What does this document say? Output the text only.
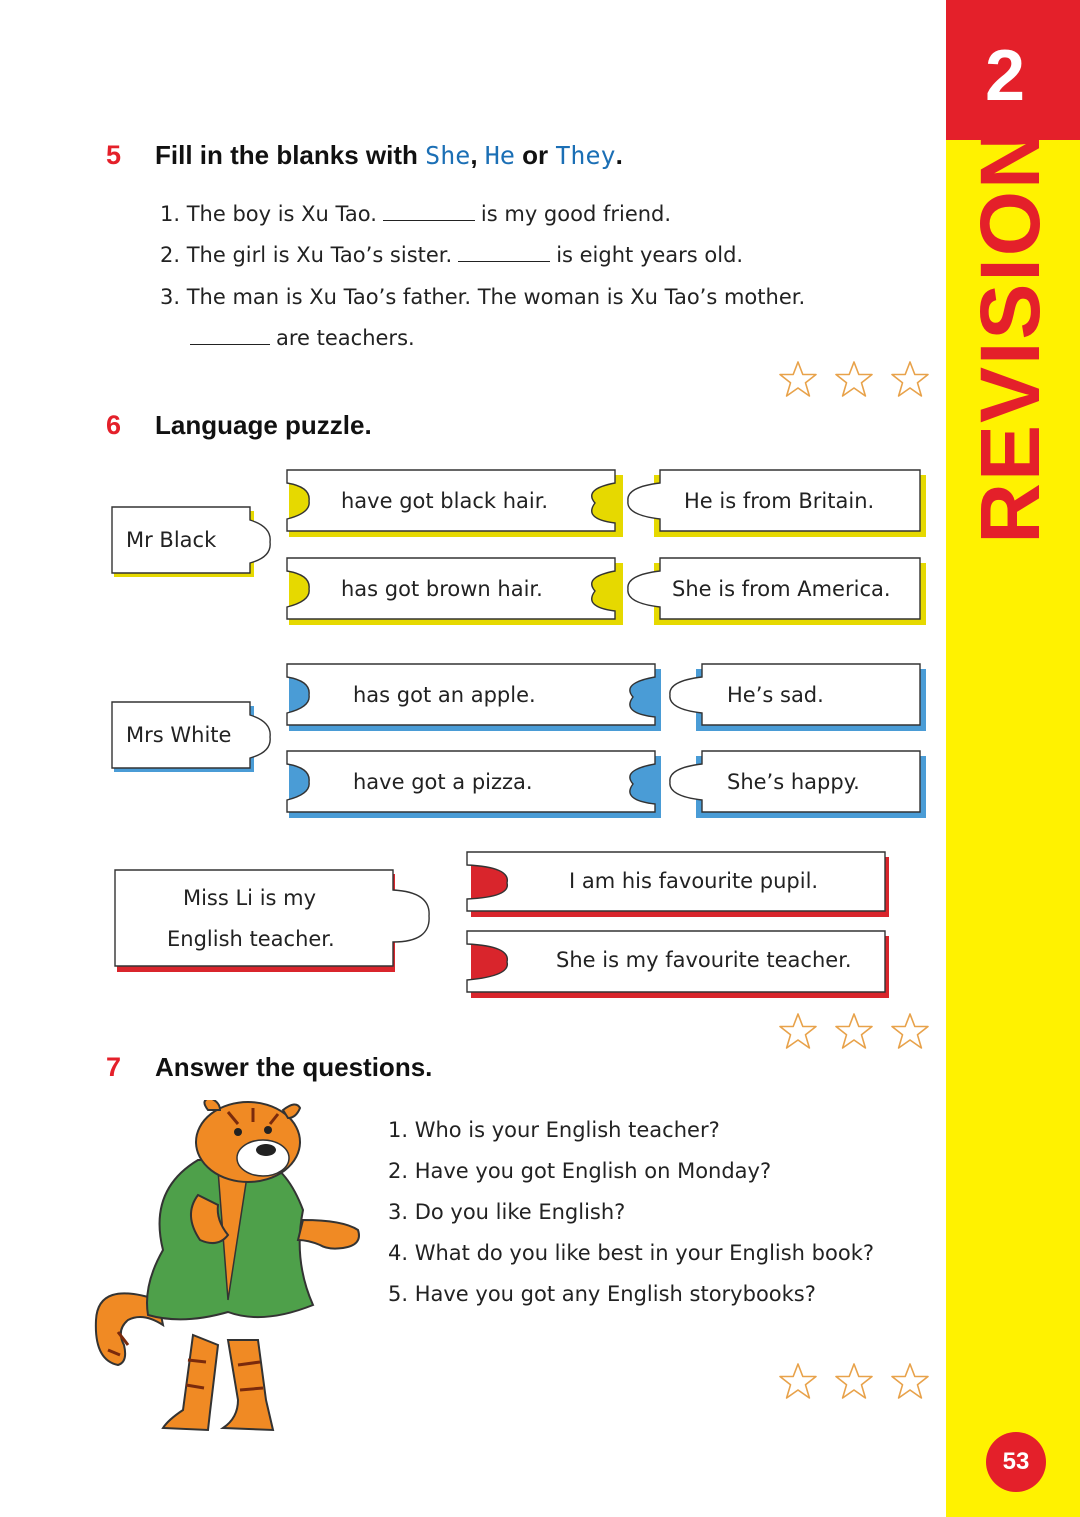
2
REVISION
53
5 Fill in the blanks with She, He or They.
1. The boy is Xu Tao.	is my good friend.
2. The girl is Xu Tao’s sister.	is eight years old.
3. The man is Xu Tao’s father. The woman is Xu Tao’s mother.
are teachers.
6 Language puzzle.
Mr Black
have got black hair.
has got brown hair.
He is from Britain.
She is from America.
Mrs White
has got an apple.
have got a pizza.
He’s sad.
She’s happy.
Miss Li is my
English teacher.
I am his favourite pupil.
She is my favourite teacher.
7 Answer the questions.
1. Who is your English teacher?
2. Have you got English on Monday?
3. Do you like English?
4. What do you like best in your English book?
5. Have you got any English storybooks?
